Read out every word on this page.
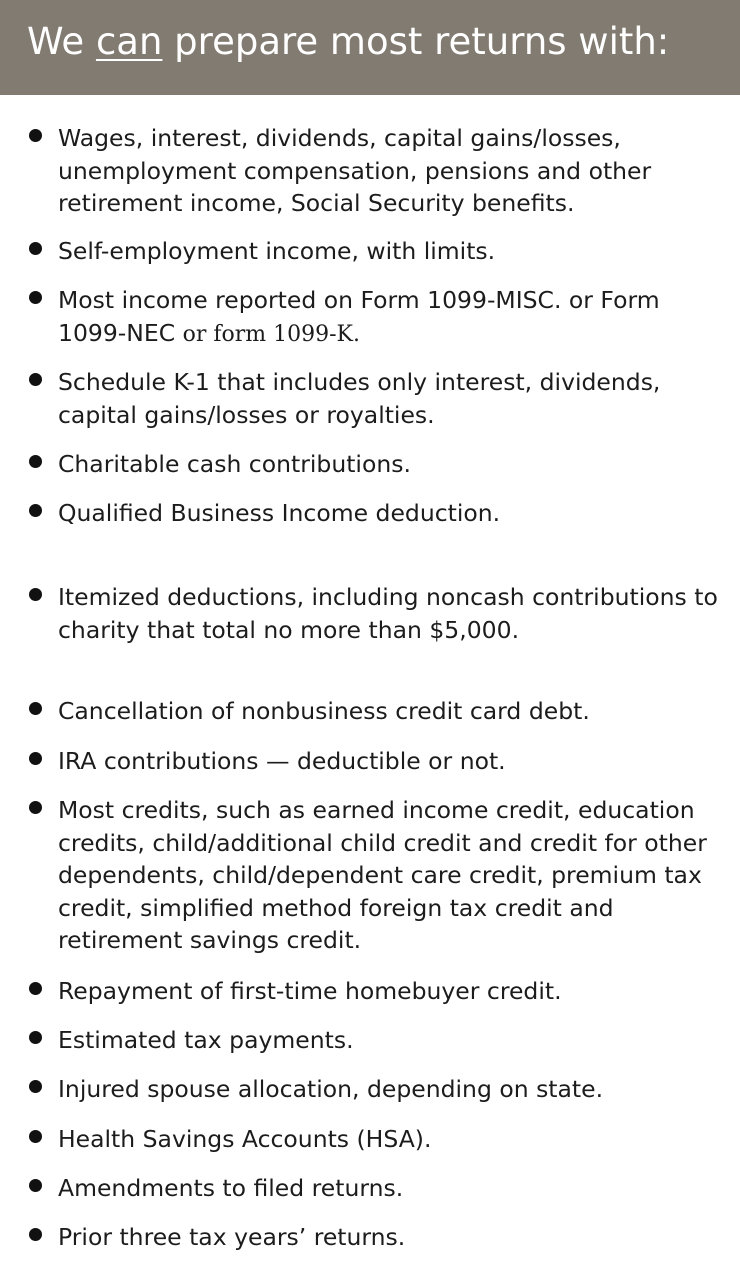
We can prepare most returns with:
Wages, interest, dividends, capital gains/losses, unemployment compensation, pensions and other retirement income, Social Security benefits.
Self-employment income, with limits.
Most income reported on Form 1099-MISC. or Form 1099-NEC or form 1099-K.
Schedule K-1 that includes only interest, dividends, capital gains/losses or royalties.
Charitable cash contributions.
Qualified Business Income deduction.
Itemized deductions, including noncash contributions to charity that total no more than $5,000.
Cancellation of nonbusiness credit card debt.
IRA contributions — deductible or not.
Most credits, such as earned income credit, education credits, child/additional child credit and credit for other dependents, child/dependent care credit, premium tax credit, simplified method foreign tax credit and retirement savings credit.
Repayment of first-time homebuyer credit.
Estimated tax payments.
Injured spouse allocation, depending on state.
Health Savings Accounts (HSA).
Amendments to filed returns.
Prior three tax years’ returns.
